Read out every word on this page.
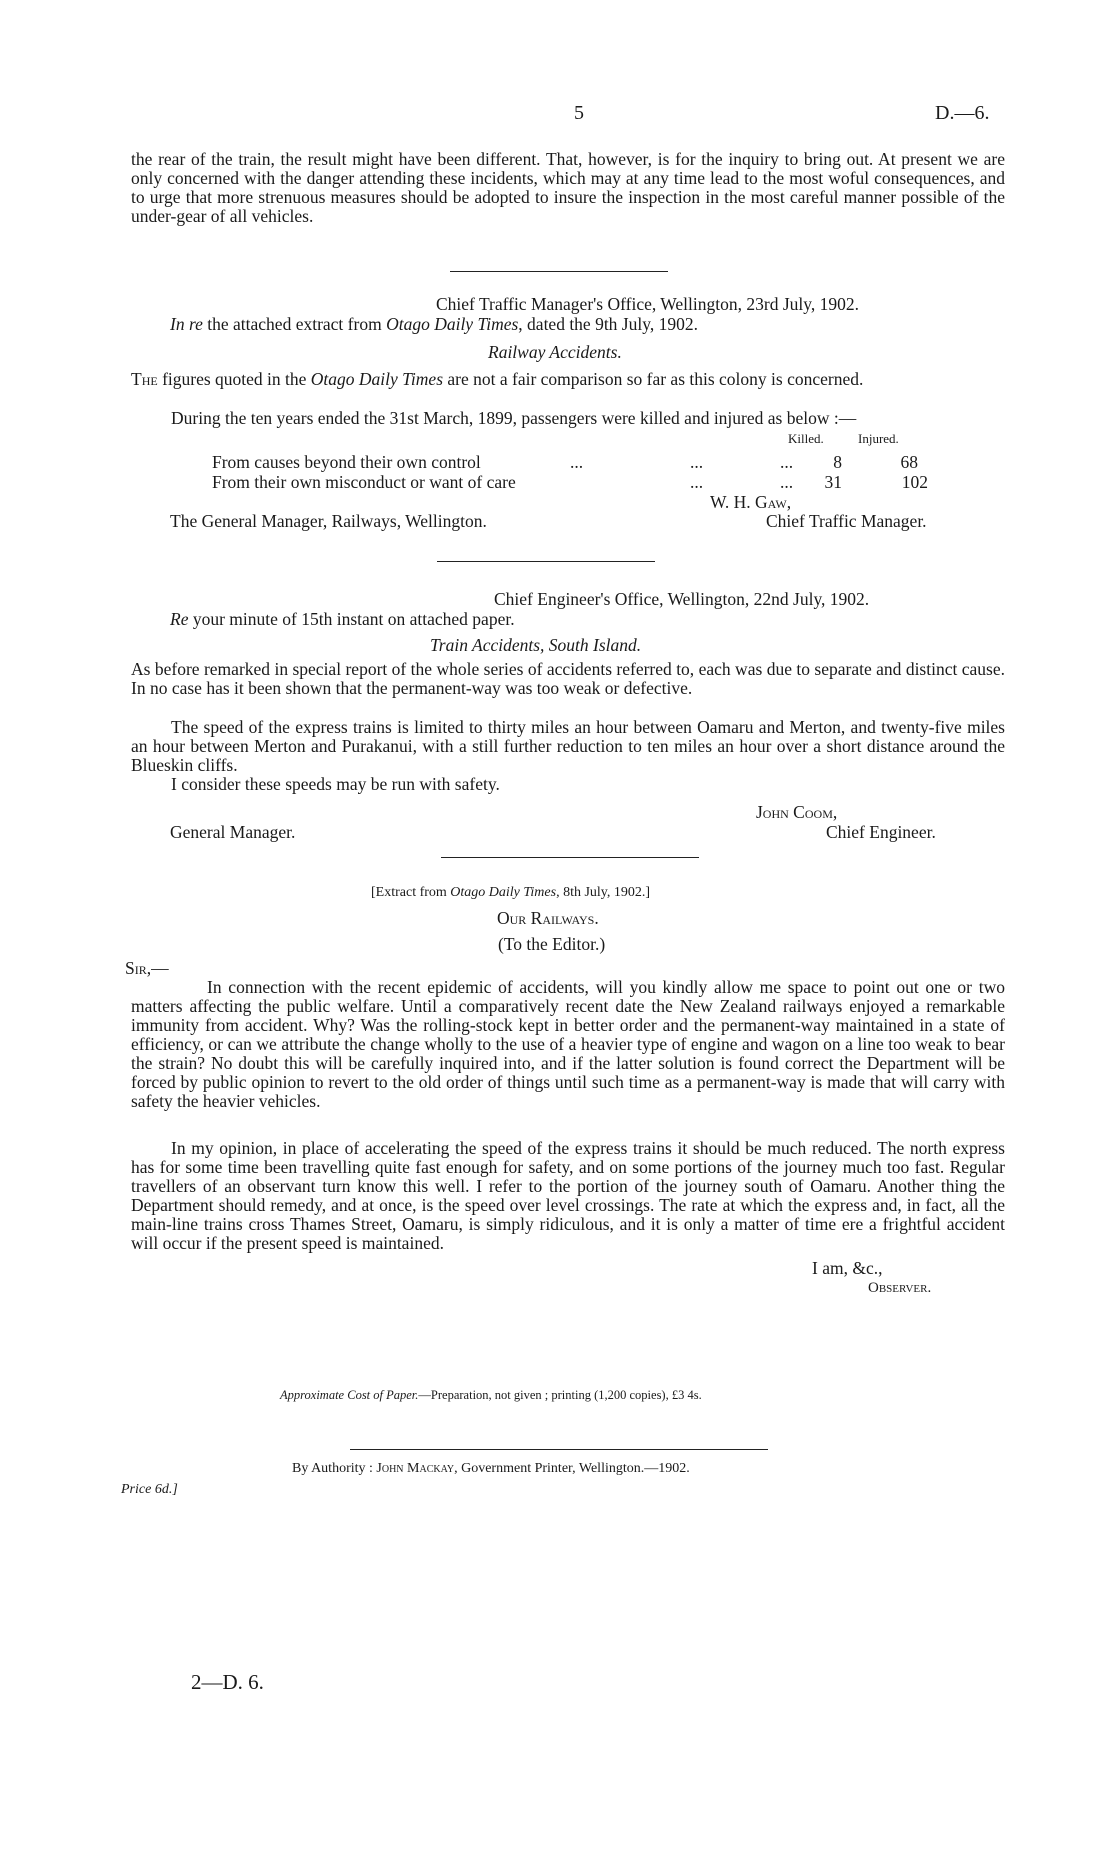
5	D.—6.

the rear of the train, the result might have been different. That, however, is for the inquiry to bring out. At present we are only concerned with the danger attending these incidents, which may at any time lead to the most woful consequences, and to urge that more strenuous measures should be adopted to insure the inspection in the most careful manner possible of the under-gear of all vehicles.

Chief Traffic Manager's Office, Wellington, 23rd July, 1902.
In re the attached extract from Otago Daily Times, dated the 9th July, 1902.
Railway Accidents.

The figures quoted in the Otago Daily Times are not a fair comparison so far as this colony is concerned.

During the ten years ended the 31st March, 1899, passengers were killed and injured as below :—

Killed.	Injured.
From causes beyond their own control	...	...	...	8	68
From their own misconduct or want of care	...	...	31	102
W. H. Gaw,
The General Manager, Railways, Wellington.	Chief Traffic Manager.
Chief Engineer's Office, Wellington, 22nd July, 1902.
Re your minute of 15th instant on attached paper.
Train Accidents, South Island.

As before remarked in special report of the whole series of accidents referred to, each was due to separate and distinct cause. In no case has it been shown that the permanent-way was too weak or defective.

The speed of the express trains is limited to thirty miles an hour between Oamaru and Merton, and twenty-five miles an hour between Merton and Purakanui, with a still further reduction to ten miles an hour over a short distance around the Blueskin cliffs.

I consider these speeds may be run with safety.

John Coom,
General Manager.	Chief Engineer.
[Extract from Otago Daily Times, 8th July, 1902.]
Our Railways.
(To the Editor.)
Sir,—

In connection with the recent epidemic of accidents, will you kindly allow me space to point out one or two matters affecting the public welfare. Until a comparatively recent date the New Zealand railways enjoyed a remarkable immunity from accident. Why? Was the rolling-stock kept in better order and the permanent-way maintained in a state of efficiency, or can we attribute the change wholly to the use of a heavier type of engine and wagon on a line too weak to bear the strain? No doubt this will be carefully inquired into, and if the latter solution is found correct the Department will be forced by public opinion to revert to the old order of things until such time as a permanent-way is made that will carry with safety the heavier vehicles.

In my opinion, in place of accelerating the speed of the express trains it should be much reduced. The north express has for some time been travelling quite fast enough for safety, and on some portions of the journey much too fast. Regular travellers of an observant turn know this well. I refer to the portion of the journey south of Oamaru. Another thing the Department should remedy, and at once, is the speed over level crossings. The rate at which the express and, in fact, all the main-line trains cross Thames Street, Oamaru, is simply ridiculous, and it is only a matter of time ere a frightful accident will occur if the present speed is maintained.

I am, &c.,
Observer.
Approximate Cost of Paper.—Preparation, not given ; printing (1,200 copies), £3 4s.
By Authority : John Mackay, Government Printer, Wellington.—1902.
Price 6d.]
2—D. 6.
